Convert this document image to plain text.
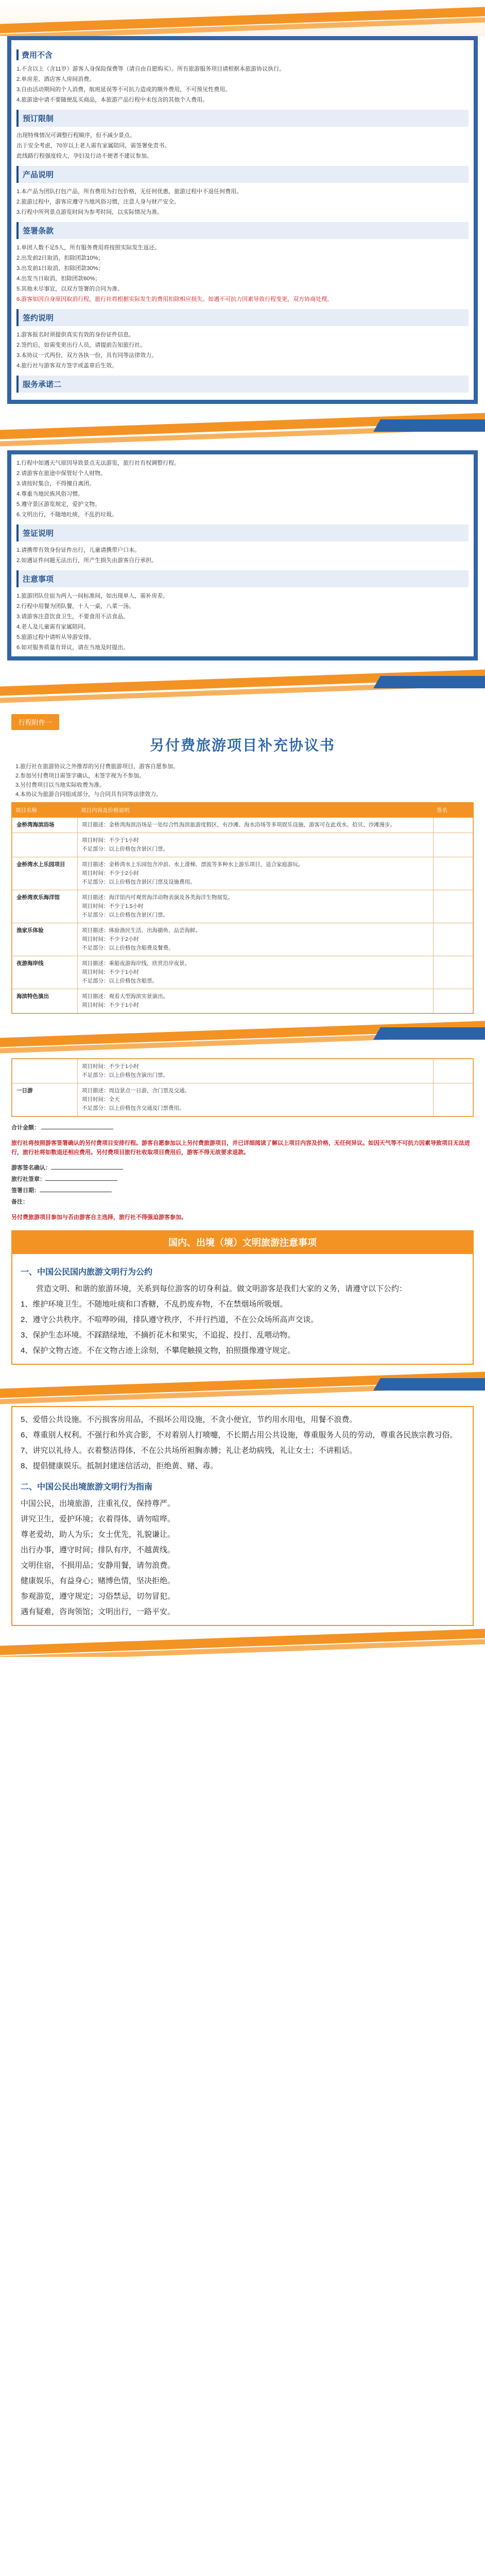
费用不含
1.不含以上（含11岁）游客人身保险保费等（请自由自愿购买）。所有旅游服务项目请根据本旅游协议执行。
2.单房差、酒店客人房间消费。
3.自由活动期间的个人消费，航班延误等不可抗力造成的额外费用，不可预见性费用。
4.旅游途中请不要随便乱买商品，本旅游产品行程中未包含的其他个人费用。
预订限制
出现特殊情况可调整行程顺序，但不减少景点。
出于安全考虑，70岁以上老人需有家属陪同，需签署免责书。
此线路行程强度较大，孕妇及行动不便者不建议参加。
产品说明
1.本产品为团队打包产品，所有费用为打包价格，无任何优惠，旅游过程中不退任何费用。
2.旅游过程中，游客应遵守当地风俗习惯，注意人身与财产安全。
3.行程中所列景点游览时间为参考时间，以实际情况为准。
签署条款
1.单团人数不足5人，所有服务费用将按照实际发生返还。
2.出发前2日取消，扣除团款10%；
3.出发前1日取消，扣除团款30%；
4.出发当日取消，扣除团款60%；
5.其他未尽事宜，以双方签署的合同为准。
6.游客如因自身原因取消行程，旅行社将根据实际发生的费用扣除相应损失。如遇不可抗力因素导致行程变更，双方协商处理。
签约说明
1.游客报名时须提供真实有效的身份证件信息。
2.签约后，如需变更出行人员，请提前告知旅行社。
3.本协议一式两份，双方各执一份，具有同等法律效力。
4.旅行社与游客双方签字或盖章后生效。
服务承诺二
1.行程中如遇天气原因导致景点无法游览，旅行社有权调整行程。
2.请游客在旅途中保管好个人财物。
3.请按时集合，不得擅自离团。
4.尊重当地民族风俗习惯。
5.遵守景区游览规定，爱护文物。
6.文明出行，不随地吐痰，不乱扔垃圾。
签证说明
1.请携带有效身份证件出行，儿童请携带户口本。
2.如遇证件问题无法出行，所产生损失由游客自行承担。
注意事项
1.旅游团队住宿为两人一间标准间，如出现单人，需补房差。
2.行程中用餐为团队餐，十人一桌，八菜一汤。
3.请游客注意饮食卫生，不要食用不洁食品。
4.老人及儿童需有家属陪同。
5.旅游过程中请听从导游安排。
6.如对服务质量有异议，请在当地及时提出。
行程附件一
另付费旅游项目补充协议书
1.旅行社在旅游协议之外推荐的另付费旅游项目，游客自愿参加。
2.参加另付费项目需签字确认，未签字视为不参加。
3.另付费项目以当地实际收费为准。
4.本协议为旅游合同组成部分，与合同具有同等法律效力。
项目名称	项目内容及价格说明	签名
金桥湾海滨浴场	项目描述：金桥湾海滨浴场是一处综合性海滨旅游度假区，有沙滩、海水浴场等多项娱乐设施，游客可在此戏水、拾贝、沙滩漫步。	
	项目时间：不少于1小时
不足部分：以上价格包含景区门票。	
金桥湾水上乐园项目	项目描述：金桥湾水上乐园包含冲浪、水上滑梯、漂流等多种水上游乐项目，适合家庭游玩。
项目时间：不少于2小时
不足部分：以上价格包含景区门票及设施费用。	
金桥湾欢乐海洋馆	项目描述：海洋馆内可观赏海洋动物表演及各类海洋生物展览。
项目时间：不少于1.5小时
不足部分：以上价格包含景区门票。	
渔家乐体验	项目描述：体验渔民生活，出海捕鱼、品尝海鲜。
项目时间：不少于2小时
不足部分：以上价格包含船费及餐费。	
夜游海岸线	项目描述：乘船夜游海岸线，欣赏沿岸夜景。
项目时间：不少于1小时
不足部分：以上价格包含船票。	
海滨特色演出	项目描述：观看大型海滨实景演出。
项目时间：不少于1小时	
	项目时间：不少于1小时
不足部分：以上价格包含演出门票。	
一日游	项目描述：周边景点一日游，含门票及交通。
项目时间：全天
不足部分：以上价格包含交通及门票费用。	
合计金额：
旅行社将按照游客签署确认的另付费项目安排行程。游客自愿参加以上另付费旅游项目，并已详细阅读了解以上项目内容及价格，无任何异议。如因天气等不可抗力因素导致项目无法进行，旅行社将如数退还相应费用。另付费项目旅行社收取项目费用后，游客不得无故要求退款。
游客签名确认：
旅行社签章：
签署日期：
备注：
另付费旅游项目参加与否由游客自主选择，旅行社不得强迫游客参加。
国内、出境（境）文明旅游注意事项
一、中国公民国内旅游文明行为公约

营造文明、和谐的旅游环境，关系到每位游客的切身利益。做文明游客是我们大家的义务，请遵守以下公约：

1、维护环境卫生。不随地吐痰和口香糖，不乱扔废弃物，不在禁烟场所吸烟。

2、遵守公共秩序。不喧哗吵闹，排队遵守秩序，不并行挡道，不在公众场所高声交谈。

3、保护生态环境。不踩踏绿地，不摘折花木和果实，不追捉、投打、乱喂动物。

4、保护文物古迹。不在文物古迹上涂刻，不攀爬触摸文物，拍照摄像遵守规定。

5、爱惜公共设施。不污损客房用品，不损坏公用设施，不贪小便宜，节约用水用电，用餐不浪费。

6、尊重别人权利。不强行和外宾合影，不对着别人打喷嚏，不长期占用公共设施，尊重服务人员的劳动，尊重各民族宗教习俗。

7、讲究以礼待人。衣着整洁得体，不在公共场所袒胸赤膊；礼让老幼病残，礼让女士；不讲粗话。

8、提倡健康娱乐。抵制封建迷信活动，拒绝黄、赌、毒。

二、中国公民出境旅游文明行为指南

中国公民，出境旅游，注重礼仪，保持尊严。

讲究卫生，爱护环境；衣着得体，请勿喧哗。

尊老爱幼，助人为乐；女士优先，礼貌谦让。

出行办事，遵守时间；排队有序，不越黄线。

文明住宿，不损用品；安静用餐，请勿浪费。

健康娱乐，有益身心；赌博色情，坚决拒绝。

参观游览，遵守规定；习俗禁忌，切勿冒犯。

遇有疑难，咨询领馆；文明出行，一路平安。
